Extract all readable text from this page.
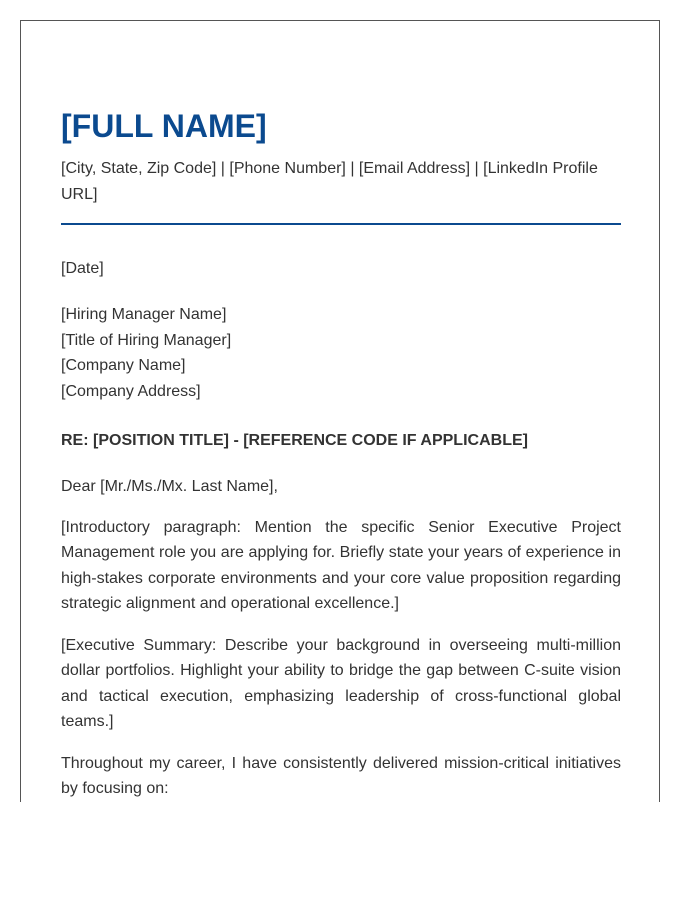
[FULL NAME]
[City, State, Zip Code] | [Phone Number] | [Email Address] | [LinkedIn Profile URL]
[Date]
[Hiring Manager Name]
[Title of Hiring Manager]
[Company Name]
[Company Address]
RE: [POSITION TITLE] - [REFERENCE CODE IF APPLICABLE]
Dear [Mr./Ms./Mx. Last Name],

[Introductory paragraph: Mention the specific Senior Executive Project Management role you are applying for. Briefly state your years of experience in high-stakes corporate environments and your core value proposition regarding strategic alignment and operational excellence.]

[Executive Summary: Describe your background in overseeing multi-million dollar portfolios. Highlight your ability to bridge the gap between C-suite vision and tactical execution, emphasizing leadership of cross-functional global teams.]

Throughout my career, I have consistently delivered mission-critical initiatives by focusing on:
